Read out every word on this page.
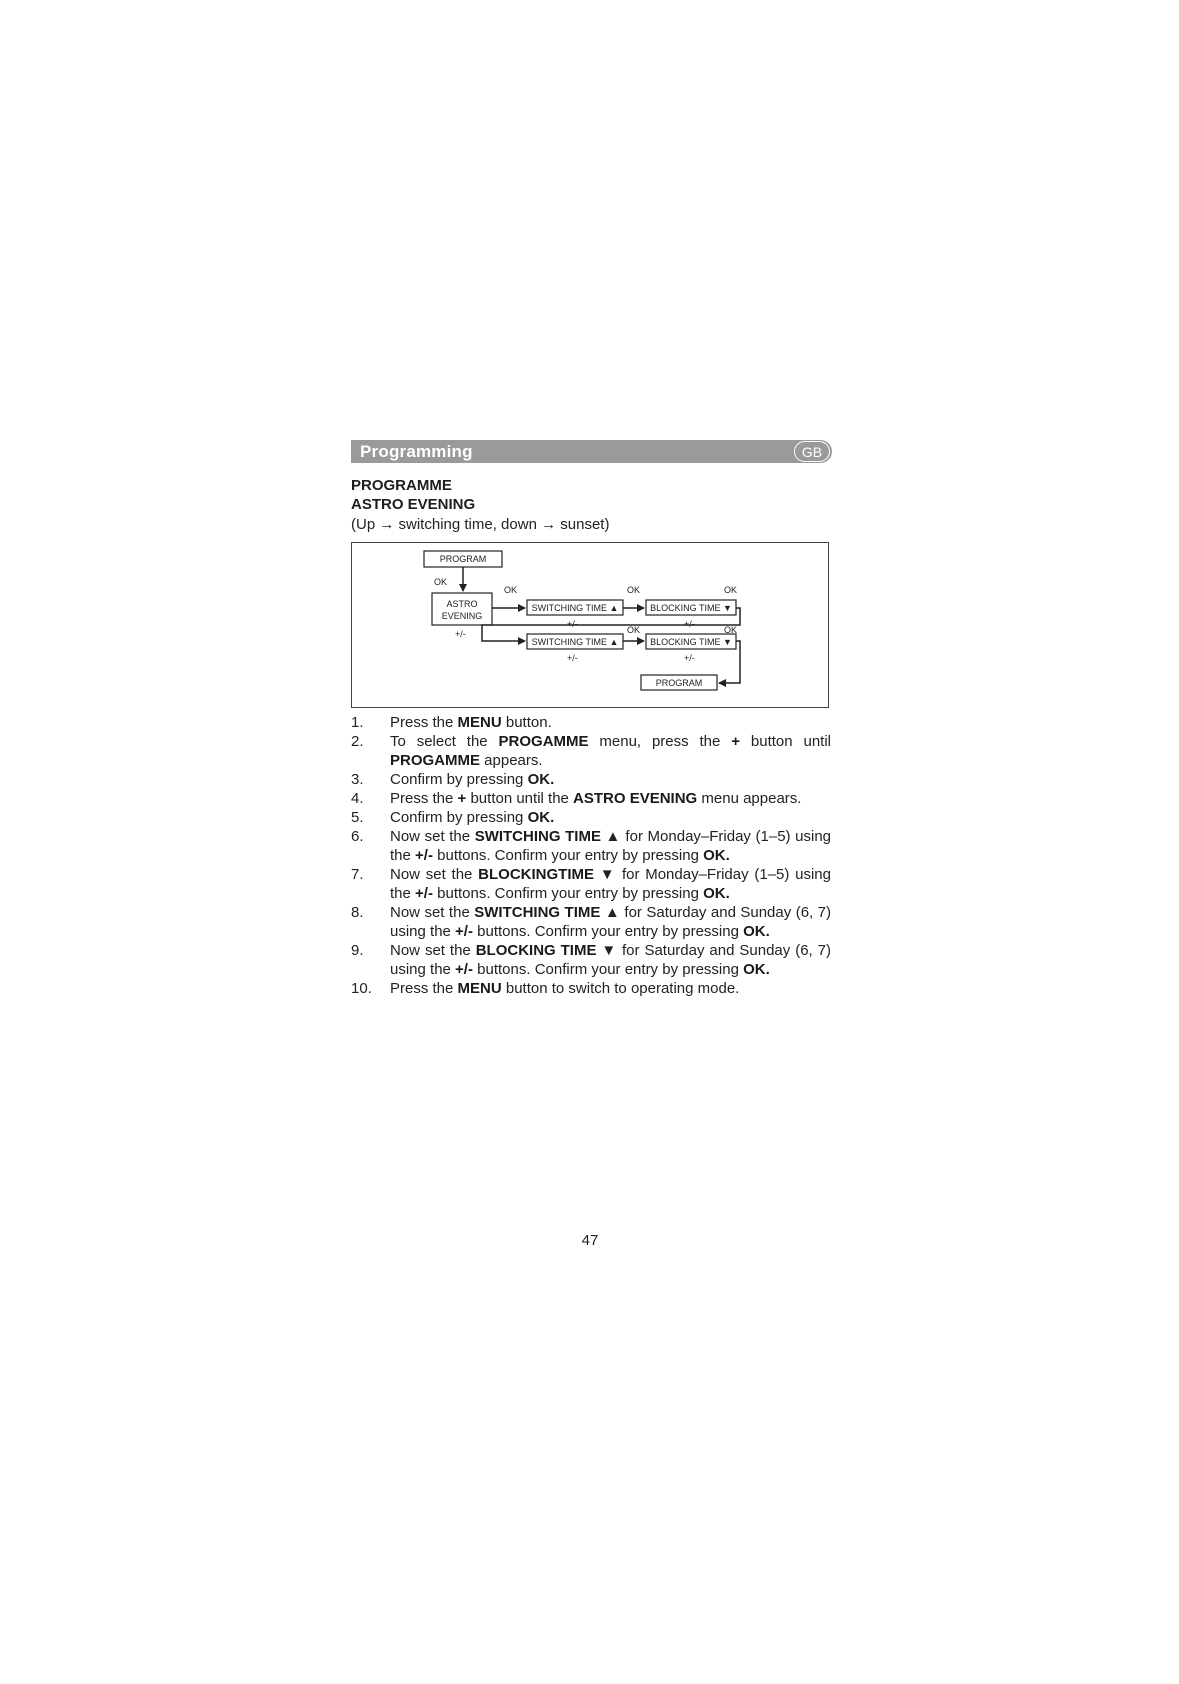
Programming	GB
PROGRAMME
ASTRO EVENING
(Up → switching time, down → sunset)
PROGRAM
OK
ASTRO
EVENING
+/-
OK
SWITCHING TIME ▲
+/-
OK
BLOCKING TIME ▼
+/-
OK
SWITCHING TIME ▲
+/-
OK
BLOCKING TIME ▼
+/-
OK
PROGRAM
1.	Press the MENU button.
2.	To select the PROGAMME menu, press the + button until PROGAMME appears.
3.	Confirm by pressing OK.
4.	Press the + button until the ASTRO EVENING menu appears.
5.	Confirm by pressing OK.
6.	Now set the SWITCHING TIME ▲ for Monday–Friday (1–5) using the +/- buttons. Confirm your entry by pressing OK.
7.	Now set the BLOCKINGTIME ▼ for Monday–Friday (1–5) using the +/- buttons. Confirm your entry by pressing OK.
8.	Now set the SWITCHING TIME ▲ for Saturday and Sunday (6, 7) using the +/- buttons. Confirm your entry by pressing OK.
9.	Now set the BLOCKING TIME ▼ for Saturday and Sunday (6, 7) using the +/- buttons. Confirm your entry by pressing OK.
10.	Press the MENU button to switch to operating mode.
47
